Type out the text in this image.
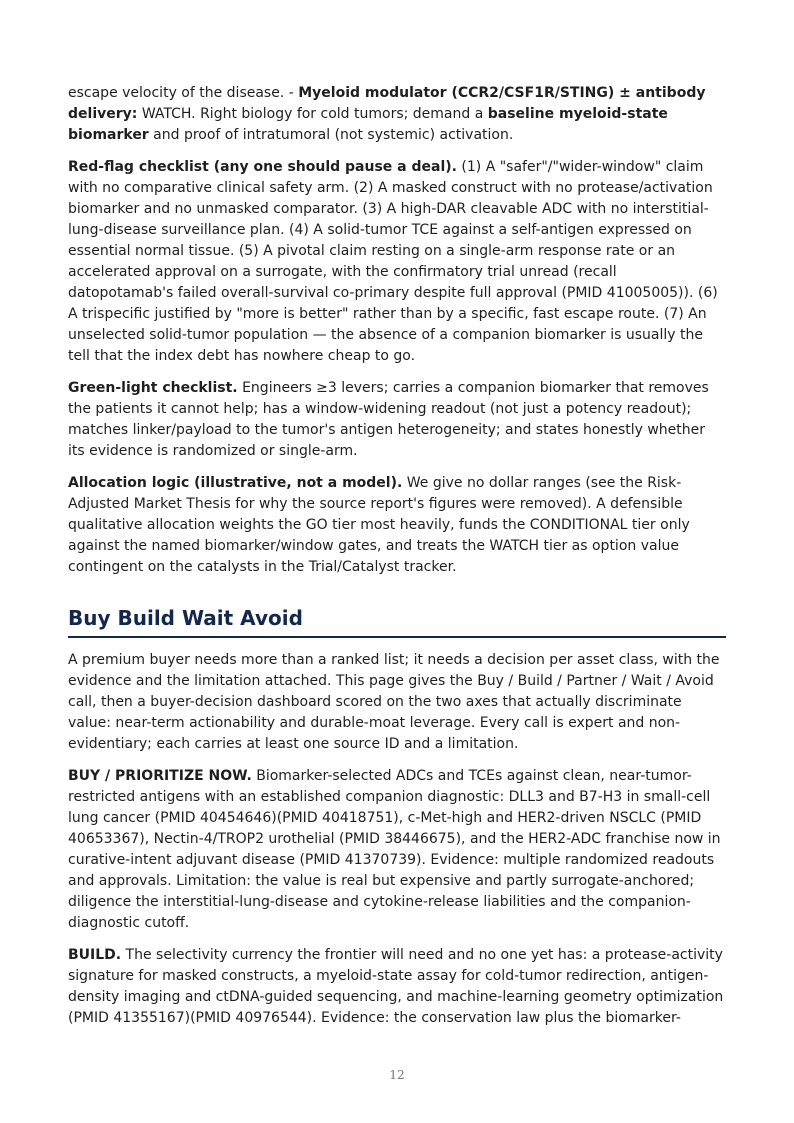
escape velocity of the disease. - Myeloid modulator (CCR2/CSF1R/STING) ± antibody delivery: WATCH. Right biology for cold tumors; demand a baseline myeloid-state biomarker and proof of intratumoral (not systemic) activation.

Red-flag checklist (any one should pause a deal). (1) A "safer"/"wider-window" claim with no comparative clinical safety arm. (2) A masked construct with no protease/activation biomarker and no unmasked comparator. (3) A high-DAR cleavable ADC with no interstitial-lung-disease surveillance plan. (4) A solid-tumor TCE against a self-antigen expressed on essential normal tissue. (5) A pivotal claim resting on a single-arm response rate or an accelerated approval on a surrogate, with the confirmatory trial unread (recall datopotamab's failed overall-survival co-primary despite full approval (PMID 41005005)). (6) A trispecific justified by "more is better" rather than by a specific, fast escape route. (7) An unselected solid-tumor population — the absence of a companion biomarker is usually the tell that the index debt has nowhere cheap to go.

Green-light checklist. Engineers ≥3 levers; carries a companion biomarker that removes the patients it cannot help; has a window-widening readout (not just a potency readout); matches linker/payload to the tumor's antigen heterogeneity; and states honestly whether its evidence is randomized or single-arm.

Allocation logic (illustrative, not a model). We give no dollar ranges (see the Risk-Adjusted Market Thesis for why the source report's figures were removed). A defensible qualitative allocation weights the GO tier most heavily, funds the CONDITIONAL tier only against the named biomarker/window gates, and treats the WATCH tier as option value contingent on the catalysts in the Trial/Catalyst tracker.

Buy Build Wait Avoid

A premium buyer needs more than a ranked list; it needs a decision per asset class, with the evidence and the limitation attached. This page gives the Buy / Build / Partner / Wait / Avoid call, then a buyer-decision dashboard scored on the two axes that actually discriminate value: near-term actionability and durable-moat leverage. Every call is expert and non-evidentiary; each carries at least one source ID and a limitation.

BUY / PRIORITIZE NOW. Biomarker-selected ADCs and TCEs against clean, near-tumor-restricted antigens with an established companion diagnostic: DLL3 and B7-H3 in small-cell lung cancer (PMID 40454646)(PMID 40418751), c-Met-high and HER2-driven NSCLC (PMID 40653367), Nectin-4/TROP2 urothelial (PMID 38446675), and the HER2-ADC franchise now in curative-intent adjuvant disease (PMID 41370739). Evidence: multiple randomized readouts and approvals. Limitation: the value is real but expensive and partly surrogate-anchored; diligence the interstitial-lung-disease and cytokine-release liabilities and the companion-diagnostic cutoff.

BUILD. The selectivity currency the frontier will need and no one yet has: a protease-activity signature for masked constructs, a myeloid-state assay for cold-tumor redirection, antigen-density imaging and ctDNA-guided sequencing, and machine-learning geometry optimization (PMID 41355167)(PMID 40976544). Evidence: the conservation law plus the biomarker-

12
